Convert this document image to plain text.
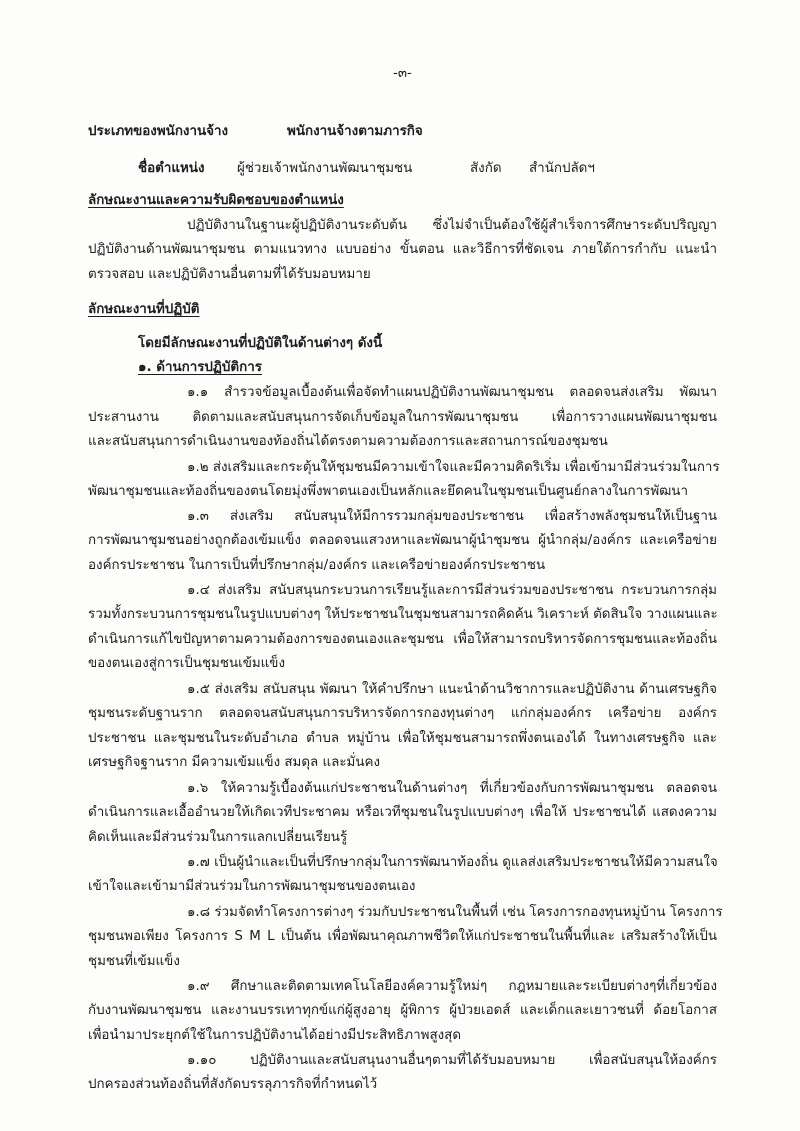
-๓-
ประเภทของพนักงานจ้าง	พนักงานจ้างตามภารกิจ
ชื่อตำแหน่ง ผู้ช่วยเจ้าพนักงานพัฒนาชุมชน	สังกัด สำนักปลัดฯ
ลักษณะงานและความรับผิดชอบของตำแหน่ง
ปฏิบัติงานในฐานะผู้ปฏิบัติงานระดับต้น ซึ่งไม่จำเป็นต้องใช้ผู้สำเร็จการศึกษาระดับปริญญา
ปฏิบัติงานด้านพัฒนาชุมชน ตามแนวทาง แบบอย่าง ขั้นตอน และวิธีการที่ชัดเจน ภายใต้การกำกับ แนะนำ
ตรวจสอบ และปฏิบัติงานอื่นตามที่ได้รับมอบหมาย
ลักษณะงานที่ปฏิบัติ
โดยมีลักษณะงานที่ปฏิบัติในด้านต่างๆ ดังนี้
๑. ด้านการปฏิบัติการ
๑.๑ สำรวจข้อมูลเบื้องต้นเพื่อจัดทำแผนปฏิบัติงานพัฒนาชุมชน ตลอดจนส่งเสริม พัฒนา
ประสานงาน ติดตามและสนับสนุนการจัดเก็บข้อมูลในการพัฒนาชุมชน เพื่อการวางแผนพัฒนาชุมชน
และสนับสนุนการดำเนินงานของท้องถิ่นได้ตรงตามความต้องการและสถานการณ์ของชุมชน
๑.๒ ส่งเสริมและกระตุ้นให้ชุมชนมีความเข้าใจและมีความคิดริเริ่ม เพื่อเข้ามามีส่วนร่วมในการ
พัฒนาชุมชนและท้องถิ่นของตนโดยมุ่งพึ่งพาตนเองเป็นหลักและยึดคนในชุมชนเป็นศูนย์กลางในการพัฒนา
๑.๓ ส่งเสริม สนับสนุนให้มีการรวมกลุ่มของประชาชน เพื่อสร้างพลังชุมชนให้เป็นฐาน
การพัฒนาชุมชนอย่างถูกต้องเข้มแข็ง ตลอดจนแสวงหาและพัฒนาผู้นำชุมชน ผู้นำกลุ่ม/องค์กร และเครือข่าย
องค์กรประชาชน ในการเป็นที่ปรึกษากลุ่ม/องค์กร และเครือข่ายองค์กรประชาชน
๑.๔ ส่งเสริม สนับสนุนกระบวนการเรียนรู้และการมีส่วนร่วมของประชาชน กระบวนการกลุ่ม
รวมทั้งกระบวนการชุมชนในรูปแบบต่างๆ ให้ประชาชนในชุมชนสามารถคิดค้น วิเคราะห์ ตัดสินใจ วางแผนและ
ดำเนินการแก้ไขปัญหาตามความต้องการของตนเองและชุมชน เพื่อให้สามารถบริหารจัดการชุมชนและท้องถิ่น
ของตนเองสู่การเป็นชุมชนเข้มแข็ง
๑.๕ ส่งเสริม สนับสนุน พัฒนา ให้คำปรึกษา แนะนำด้านวิชาการและปฏิบัติงาน ด้านเศรษฐกิจ
ชุมชนระดับฐานราก ตลอดจนสนับสนุนการบริหารจัดการกองทุนต่างๆ แก่กลุ่มองค์กร เครือข่าย องค์กร
ประชาชน และชุมชนในระดับอำเภอ ตำบล หมู่บ้าน เพื่อให้ชุมชนสามารถพึ่งตนเองได้ ในทางเศรษฐกิจ และ
เศรษฐกิจฐานราก มีความเข้มแข็ง สมดุล และมั่นคง
๑.๖ ให้ความรู้เบื้องต้นแก่ประชาชนในด้านต่างๆ ที่เกี่ยวข้องกับการพัฒนาชุมชน ตลอดจน
ดำเนินการและเอื้ออำนวยให้เกิดเวทีประชาคม หรือเวทีชุมชนในรูปแบบต่างๆ เพื่อให้ ประชาชนได้ แสดงความ
คิดเห็นและมีส่วนร่วมในการแลกเปลี่ยนเรียนรู้
๑.๗ เป็นผู้นำและเป็นที่ปรึกษากลุ่มในการพัฒนาท้องถิ่น ดูแลส่งเสริมประชาชนให้มีความสนใจ
เข้าใจและเข้ามามีส่วนร่วมในการพัฒนาชุมชนของตนเอง
๑.๘ ร่วมจัดทำโครงการต่างๆ ร่วมกับประชาชนในพื้นที่ เช่น โครงการกองทุนหมู่บ้าน โครงการ
ชุมชนพอเพียง โครงการ S M L เป็นต้น เพื่อพัฒนาคุณภาพชีวิตให้แก่ประชาชนในพื้นที่และ เสริมสร้างให้เป็น
ชุมชนที่เข้มแข็ง
๑.๙ ศึกษาและติดตามเทคโนโลยีองค์ความรู้ใหม่ๆ กฎหมายและระเบียบต่างๆที่เกี่ยวข้อง
กับงานพัฒนาชุมชน และงานบรรเทาทุกข์แก่ผู้สูงอายุ ผู้พิการ ผู้ป่วยเอดส์ และเด็กและเยาวชนที่ ด้อยโอกาส
เพื่อนำมาประยุกต์ใช้ในการปฏิบัติงานได้อย่างมีประสิทธิภาพสูงสุด
๑.๑๐ ปฏิบัติงานและสนับสนุนงานอื่นๆตามที่ได้รับมอบหมาย เพื่อสนับสนุนให้องค์กร
ปกครองส่วนท้องถิ่นที่สังกัดบรรลุภารกิจที่กำหนดไว้
